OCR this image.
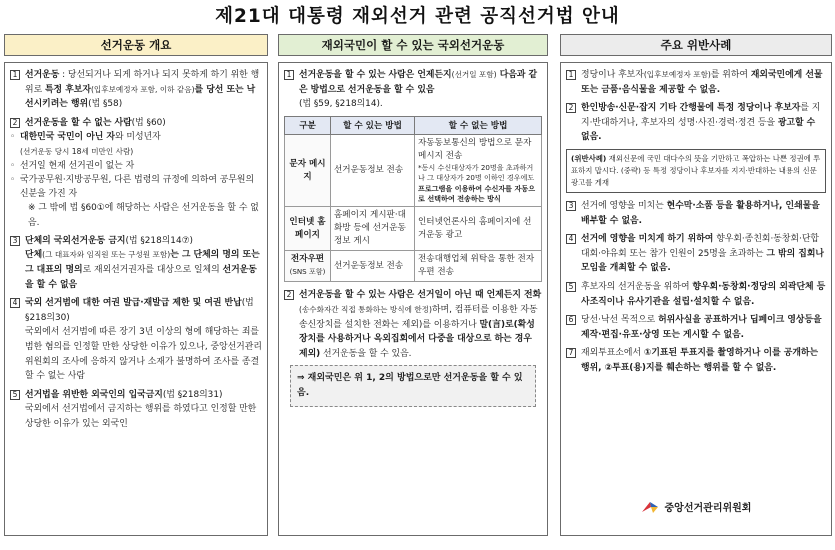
제21대 대통령 재외선거 관련 공직선거법 안내
선거운동 개요
1 선거운동 : 당선되거나 되게 하거나 되지 못하게 하기 위한 행위로 특정 후보자(입후보예정자 포함, 이하 같음)를 당선 또는 낙선시키려는 행위(법 §58)
2 선거운동을 할 수 없는 사람(법 §60)
◦ 대한민국 국민이 아닌 자와 미성년자
(선거운동 당시 18세 미만인 사람)
◦ 선거일 현재 선거권이 없는 자
◦ 국가공무원·지방공무원, 다른 법령의 규정에 의하여 공무원의 신분을 가진 자
※ 그 밖에 법 §60①에 해당하는 사람은 선거운동을 할 수 없음.
3 단체의 국외선거운동 금지(법 §218의14⑦)
단체(그 대표자와 임직원 또는 구성원 포함)는 그 단체의 명의 또는 그 대표의 명의로 재외선거권자를 대상으로 일체의 선거운동을 할 수 없음
4 국외 선거범에 대한 여권 발급·재발급 제한 및 여권 반납(법 §218의30)
국외에서 선거범에 따른 장기 3년 이상의 형에 해당하는 죄를 범한 혐의를 인정할 만한 상당한 이유가 있으나, 중앙선거관리위원회의 조사에 응하지 않거나 소재가 불명하여 조사를 종결할 수 없는 사람
5 선거법을 위반한 외국인의 입국금지(법 §218의31)
국외에서 선거법에서 금지하는 행위를 하였다고 인정할 만한 상당한 이유가 있는 외국인
재외국민이 할 수 있는 국외선거운동
1 선거운동을 할 수 있는 사람은 언제든지(선거일 포함) 다음과 같은 방법으로 선거운동을 할 수 있음
(법 §59, §218의14).
구분	할 수 있는 방법	할 수 없는 방법
문자 메시지	선거운동정보 전송	자동동보통신의 방법으로 문자메시지 전송
*동시 수신대상자가 20명을 초과하거나 그 대상자가 20명 이하인 경우에도 프로그램을 이용하여 수신자를 자동으로 선택하여 전송하는 방식

인터넷 홈페이지	홈페이지 게시판·대화방 등에 선거운동정보 게시	인터넷언론사의 홈페이지에 선거운동 광고
전자우편
(SNS 포함)	선거운동정보 전송	전송대행업체 위탁을 통한 전자우편 전송
2 선거운동을 할 수 있는 사람은 선거일이 아닌 때 언제든지 전화(송수화자간 직접 통화하는 방식에 한정)하며, 컴퓨터를 이용한 자동 송신장치를 설치한 전화는 제외)를 이용하거나 말(言)로(확성장치를 사용하거나 옥외집회에서 다중을 대상으로 하는 경우 제외) 선거운동을 할 수 있음.
⇒ 재외국민은 위 1, 2의 방법으로만 선거운동을 할 수 있음.
주요 위반사례
1 정당이나 후보자(입후보예정자 포함)를 위하여 재외국민에게 선물 또는 금품·음식물을 제공할 수 없음.
2 한인방송·신문·잡지 기타 간행물에 특정 정당이나 후보자를 지지·반대하거나, 후보자의 성명·사진·경력·정견 등을 광고할 수 없음.
(위반사례) 재외신문에 국민 대다수의 뜻을 기만하고 폭압하는 나쁜 정권에 투표하지 맙시다. (중략) 등 특정 정당이나 후보자를 지지·반대하는 내용의 신문광고를 게재
3 선거에 영향을 미치는 현수막·소품 등을 활용하거나, 인쇄물을 배부할 수 없음.
4 선거에 영향을 미치게 하기 위하여 향우회·종친회·동창회·단합대회·야유회 또는 참가 인원이 25명을 초과하는 그 밖의 집회나 모임을 개최할 수 없음.
5 후보자의 선거운동을 위하여 향우회·동창회·정당의 외곽단체 등 사조직이나 유사기관을 설립·설치할 수 없음.
6 당선·낙선 목적으로 허위사실을 공표하거나 딥페이크 영상등을 제작·편집·유포·상영 또는 게시할 수 없음.
7 재외투표소에서 ①기표된 투표지를 촬영하거나 이를 공개하는 행위, ②투표(용)지를 훼손하는 행위를 할 수 없음.
중앙선거관리위원회
